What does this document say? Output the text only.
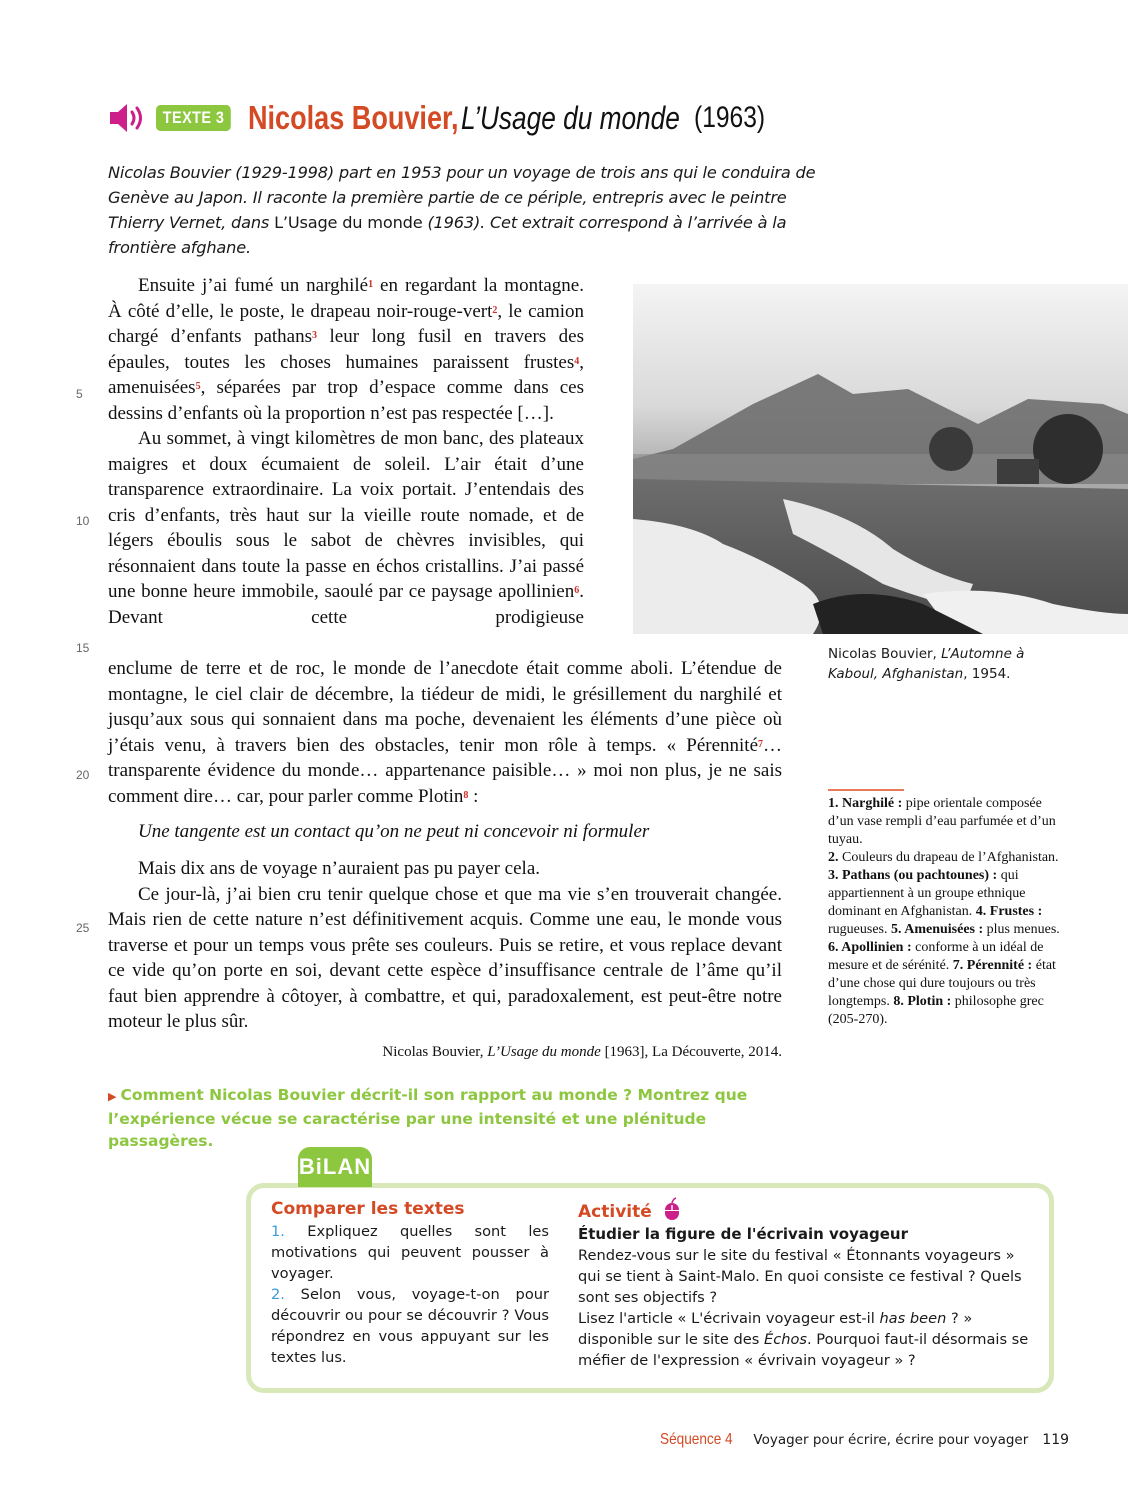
TEXTE 3 Nicolas Bouvier, L’Usage du monde (1963)
Nicolas Bouvier (1929-1998) part en 1953 pour un voyage de trois ans qui le conduira de Genève au Japon. Il raconte la première partie de ce périple, entrepris avec le peintre Thierry Vernet, dans L’Usage du monde (1963). Cet extrait correspond à l’arrivée à la frontière afghane.
5
10
15
20
25

Ensuite j’ai fumé un narghilé$^1$ en regardant la montagne. À côté d’elle, le poste, le drapeau noir-rouge-vert$^2$, le camion chargé d’enfants pathans$^3$ leur long fusil en travers des épaules, toutes les choses humaines paraissent frustes$^4$, amenuisées$^5$, séparées par trop d’espace comme dans ces dessins d’enfants où la proportion n’est pas respectée […].

Au sommet, à vingt kilomètres de mon banc, des plateaux maigres et doux écumaient de soleil. L’air était d’une transparence extraordinaire. La voix portait. J’entendais des cris d’enfants, très haut sur la vieille route nomade, et de légers éboulis sous le sabot de chèvres invisibles, qui résonnaient dans toute la passe en échos cristallins. J’ai passé une bonne heure immobile, saoulé par ce paysage apollinien$^6$. Devant cette prodigieuse

enclume de terre et de roc, le monde de l’anecdote était comme aboli. L’étendue de montagne, le ciel clair de décembre, la tiédeur de midi, le grésillement du narghilé et jusqu’aux sous qui sonnaient dans ma poche, devenaient les éléments d’une pièce où j’étais venu, à travers bien des obstacles, tenir mon rôle à temps. « Pérennité$^7$… transparente évidence du monde… appartenance paisible… » moi non plus, je ne sais comment dire… car, pour parler comme Plotin$^8$ :

Une tangente est un contact qu’on ne peut ni concevoir ni formuler

Mais dix ans de voyage n’auraient pas pu payer cela.

Ce jour-là, j’ai bien cru tenir quelque chose et que ma vie s’en trouverait changée. Mais rien de cette nature n’est définitivement acquis. Comme une eau, le monde vous traverse et pour un temps vous prête ses couleurs. Puis se retire, et vous replace devant ce vide qu’on porte en soi, devant cette espèce d’insuffisance centrale de l’âme qu’il faut bien apprendre à côtoyer, à combattre, et qui, paradoxalement, est peut-être notre moteur le plus sûr.

Nicolas Bouvier, L’Usage du monde [1963], La Découverte, 2014.
Nicolas Bouvier, L’Automne à Kaboul, Afghanistan, 1954.
1. Narghilé : pipe orientale composée d’un vase rempli d’eau parfumée et d’un tuyau.
2. Couleurs du drapeau de l’Afghanistan. 3. Pathans (ou pachtounes) : qui appartiennent à un groupe ethnique dominant en Afghanistan. 4. Frustes : rugueuses. 5. Amenuisées : plus menues. 6. Apollinien : conforme à un idéal de mesure et de sérénité. 7. Pérennité : état d’une chose qui dure toujours ou très longtemps. 8. Plotin : philosophe grec (205-270).
▶ Comment Nicolas Bouvier décrit-il son rapport au monde ? Montrez que l’expérience vécue se caractérise par une intensité et une plénitude passagères.
BiLAN
Comparer les textes
1. Expliquez quelles sont les motivations qui peuvent pousser à voyager.
2. Selon vous, voyage-t-on pour découvrir ou pour se découvrir ? Vous répondrez en vous appuyant sur les textes lus.
Activité
Étudier la figure de l'écrivain voyageur
Rendez-vous sur le site du festival « Étonnants voyageurs » qui se tient à Saint-Malo. En quoi consiste ce festival ? Quels sont ses objectifs ?
Lisez l'article « L'écrivain voyageur est-il has been ? » disponible sur le site des Échos. Pourquoi faut-il désormais se méfier de l'expression « évrivain voyageur » ?
Séquence 4 Voyager pour écrire, écrire pour voyager 119
